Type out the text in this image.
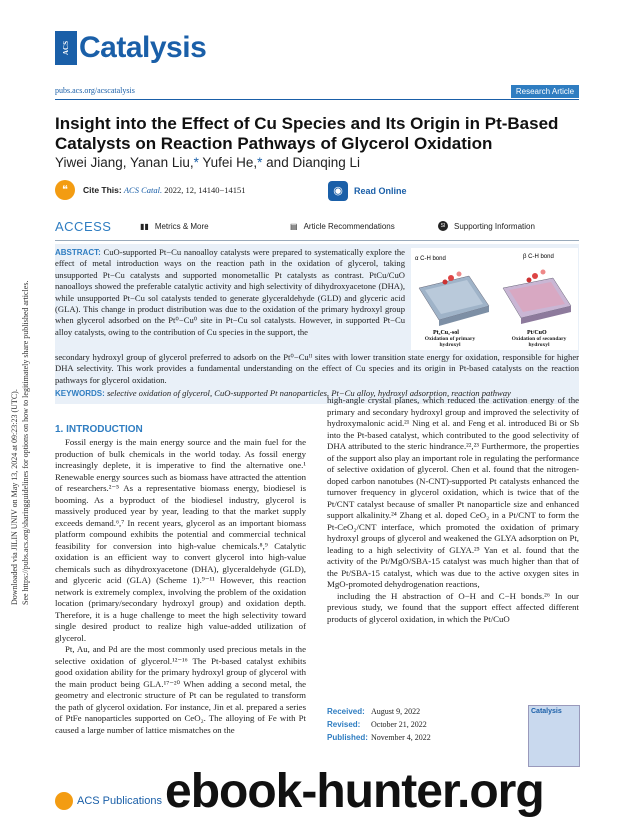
ACS Catalysis
pubs.acs.org/acscatalysis	Research Article
Insight into the Effect of Cu Species and Its Origin in Pt-Based Catalysts on Reaction Pathways of Glycerol Oxidation
Yiwei Jiang, Yanan Liu,* Yufei He,* and Dianqing Li
❝	Cite This: ACS Catal. 2022, 12, 14140−14151	◉	Read Online
ACCESS	▮▮ Metrics & More	▤ Article Recommendations	SI	Supporting Information
ABSTRACT: CuO-supported Pt−Cu nanoalloy catalysts were prepared to systematically explore the effect of metal introduction ways on the reaction path in the oxidation of glycerol, taking unsupported Pt−Cu catalysts and supported monometallic Pt catalysts as contrast. PtCu/CuO nanoalloys showed the preferable catalytic activity and high selectivity of dihydroxyacetone (DHA), while unsupported Pt−Cu sol catalysts tended to generate glyceraldehyde (GLD) and glyceric acid (GLA). This change in product distribution was due to the oxidation of the primary hydroxyl group when glycerol adsorbed on the Pt⁰−Cu⁰ site in Pt−Cu sol catalysts. However, in supported Pt−Cu alloy catalysts, owing to the contribution of Cu species in the support, the
secondary hydroxyl group of glycerol preferred to adsorb on the Pt⁰−Cuᴵᴵ sites with lower transition state energy for oxidation, responsible for higher DHA selectivity. This work provides a fundamental understanding on the effect of Cu species and its origin in Pt-based catalysts on the reaction pathways for glycerol oxidation.
KEYWORDS: selective oxidation of glycerol, CuO-supported Pt nanoparticles, Pt−Cu alloy, hydroxyl adsorption, reaction pathway
α C-H bond	β C-H bond
Pt₃Cu₁-sol	Pt/CuO
Oxidation of primary hydroxyl
Oxidation of secondary hydroxyl
1. INTRODUCTION

Fossil energy is the main energy source and the main fuel for the production of bulk chemicals in the world today. As fossil energy increasingly deplete, it is imperative to find the alternative one.¹ Renewable energy sources such as biomass have attracted the attention of researchers.²⁻⁵ As a representative biomass energy, biodiesel is booming. As a byproduct of the biodiesel industry, glycerol is massively produced year by year, leading to that the market supply exceeds demand.⁶,⁷ In recent years, glycerol as an important biomass platform compound exhibits the potential and commercial technical feasibility for conversion into high-value chemicals.⁸,⁹ Catalytic oxidation is an efficient way to convert glycerol into high-value chemicals such as dihydroxyacetone (DHA), glyceraldehyde (GLD), and glyceric acid (GLA) (Scheme 1).⁹⁻¹¹ However, this reaction network is extremely complex, involving the problem of the oxidation location (primary/secondary hydroxyl group) and oxidation depth. Therefore, it is a huge challenge to meet the high selectivity toward single desired product to realize high value-added utilization of glycerol.

Pt, Au, and Pd are the most commonly used precious metals in the selective oxidation of glycerol.¹²⁻¹⁶ The Pt-based catalyst exhibits good oxidation ability for the primary hydroxyl group of glycerol with the main product being GLA.¹⁷⁻²⁰ When adding a second metal, the geometry and electronic structure of Pt can be regulated to transform the path of glycerol oxidation. For instance, Jin et al. prepared a series of PtFe nanoparticles supported on CeO₂. The alloying of Fe with Pt caused a large number of lattice mismatches on the

high-angle crystal planes, which reduced the activation energy of the primary and secondary hydroxyl group and improved the selectivity of hydroxymalonic acid.²¹ Ning et al. and Feng et al. introduced Bi or Sb into the Pt-based catalyst, which contributed to the good selectivity of DHA attributed to the steric hindrance.²²,²³ Furthermore, the properties of the support also play an important role in regulating the performance of selective oxidation of glycerol. Chen et al. found that the nitrogen-doped carbon nanotubes (N-CNT)-supported Pt catalysts enhanced the turnover frequency in glycerol oxidation, which is twice that of the Pt/CNT catalyst because of smaller Pt nanoparticle size and enhanced support alkalinity.²⁴ Zhang et al. doped CeO₂ in a Pt/CNT to form the Pt-CeO₂/CNT interface, which promoted the oxidation of primary hydroxyl groups of glycerol and weakened the GLYA adsorption on Pt, leading to a high selectivity of GLYA.²⁵ Yan et al. found that the activity of the Pt/MgO/SBA-15 catalyst was much higher than that of the Pt/SBA-15 catalyst, which was due to the active oxygen sites in MgO-promoted dehydrogenation reactions,

including the H abstraction of O−H and C−H bonds.²⁶ In our previous study, we found that the support effect affected different products of glycerol oxidation, in which the Pt/CuO

Received: August 9, 2022
Revised: October 21, 2022
Published: November 4, 2022
Catalysis
Downloaded via JILIN UNIV on May 13, 2024 at 09:23:23 (UTC). See https://pubs.acs.org/sharingguidelines for options on how to legitimately share published articles.
ACS Publications ebook-hunter.org
